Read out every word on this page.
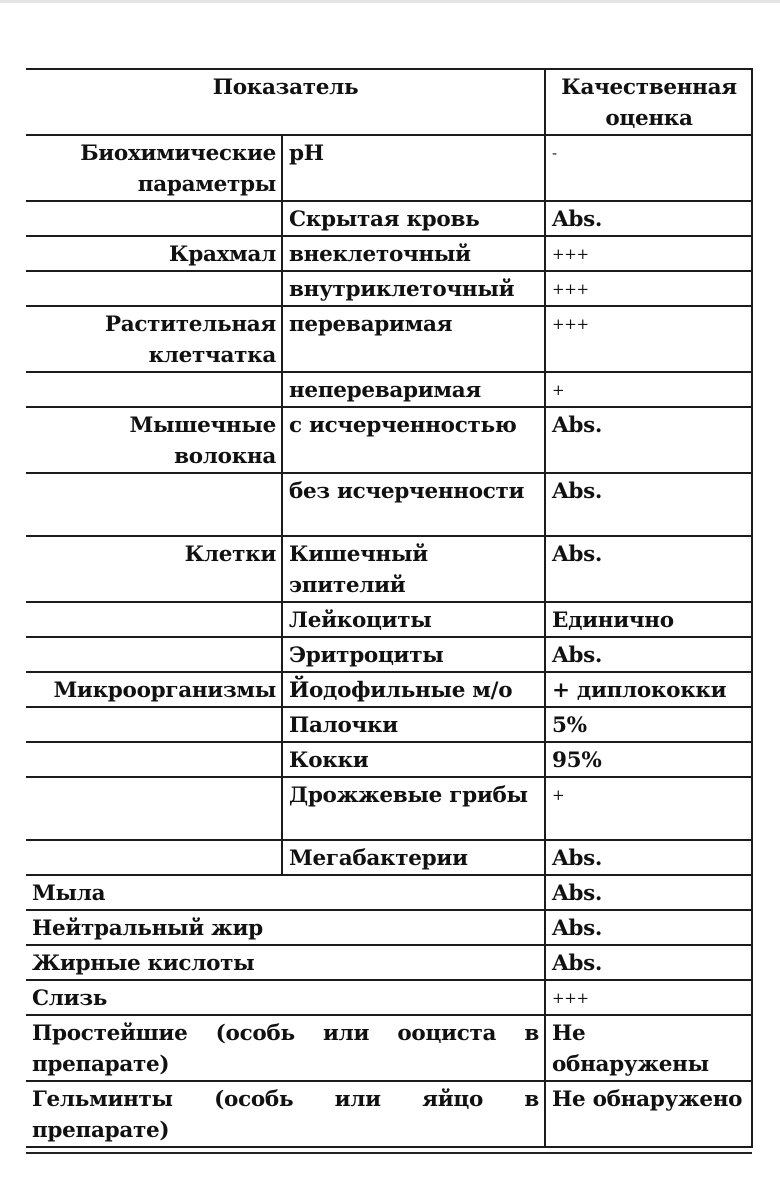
Показатель		Качественная оценка
Биохимические параметры	pH	-
	Скрытая кровь	Abs.
Крахмал	внеклеточный	+++
	внутриклеточный	+++
Растительная клетчатка	переваримая	+++
	непереваримая	+
Мышечные волокна	с исчерченностью	Abs.
	без исчерченности	Abs.
Клетки	Кишечный эпителий	Abs.
	Лейкоциты	Единично
	Эритроциты	Abs.
Микроорганизмы	Йодофильные м/о	+ диплококки
	Палочки	5%
	Кокки	95%
	Дрожжевые грибы	+
	Мегабактерии	Abs.
Мыла		Abs.
Нейтральный жир		Abs.
Жирные кислоты		Abs.
Слизь		+++
Простейшие (особь или ооциста в препарате)		Не обнаружены
Гельминты (особь или яйцо в препарате)		Не обнаружено
